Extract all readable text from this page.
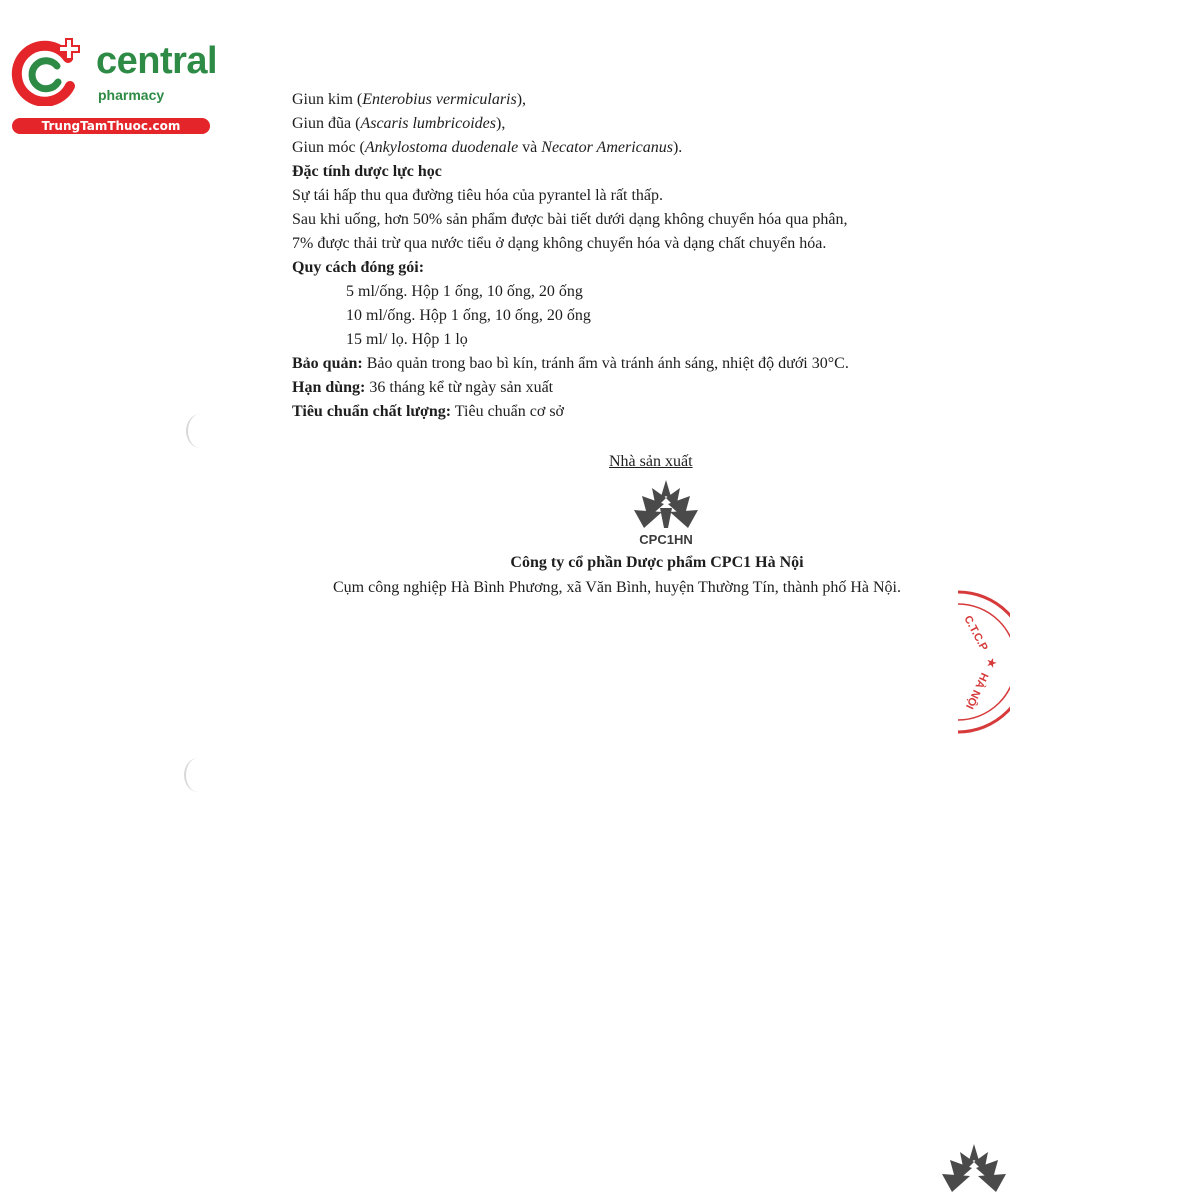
central
pharmacy
TrungTamThuoc.com
Giun kim (Enterobius vermicularis),
Giun đũa (Ascaris lumbricoides),
Giun móc (Ankylostoma duodenale và Necator Americanus).
Đặc tính dược lực học
Sự tái hấp thu qua đường tiêu hóa của pyrantel là rất thấp.
Sau khi uống, hơn 50% sản phẩm được bài tiết dưới dạng không chuyển hóa qua phân,
7% được thải trừ qua nước tiểu ở dạng không chuyển hóa và dạng chất chuyển hóa.
Quy cách đóng gói:
5 ml/ống. Hộp 1 ống, 10 ống, 20 ống
10 ml/ống. Hộp 1 ống, 10 ống, 20 ống
15 ml/ lọ. Hộp 1 lọ
Bảo quản: Bảo quản trong bao bì kín, tránh ẩm và tránh ánh sáng, nhiệt độ dưới 30°C.
Hạn dùng: 36 tháng kể từ ngày sản xuất
Tiêu chuẩn chất lượng: Tiêu chuẩn cơ sở
Nhà sản xuất
CPC1HN
Công ty cổ phần Dược phẩm CPC1 Hà Nội
Cụm công nghiệp Hà Bình Phương, xã Văn Bình, huyện Thường Tín, thành phố Hà Nội.
C.T.C.P
★
HÀ NỘI
